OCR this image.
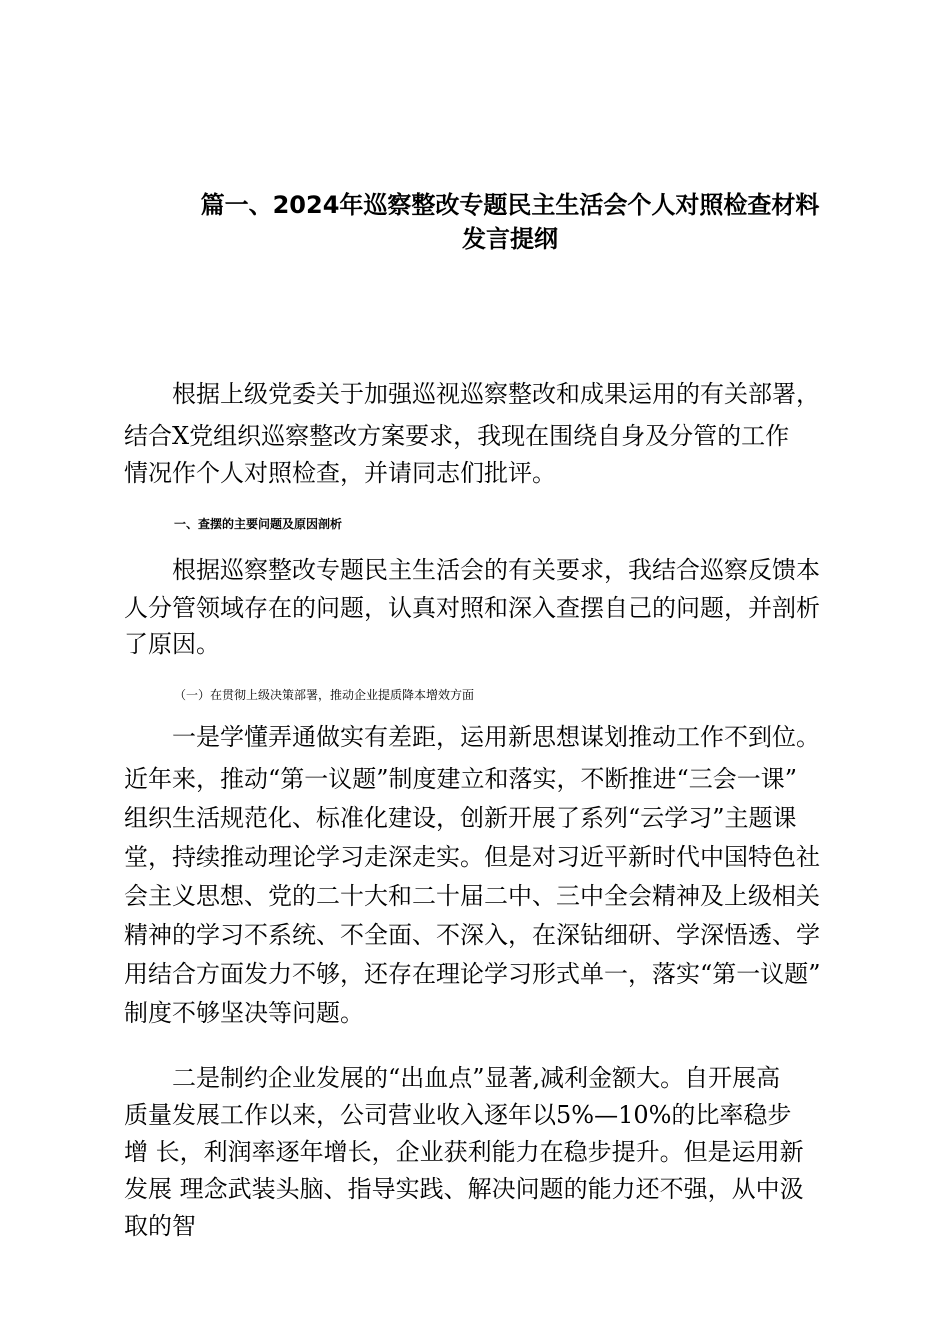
篇一、2024年巡察整改专题民主生活会个人对照检查材料
发言提纲

根据上级党委关于加强巡视巡察整改和成果运用的有关部署，

结合X党组织巡察整改方案要求，我现在围绕自身及分管的工作

情况作个人对照检查，并请同志们批评。

一、查摆的主要问题及原因剖析

根据巡察整改专题民主生活会的有关要求，我结合巡察反馈本

人分管领域存在的问题，认真对照和深入查摆自己的问题，并剖析

了原因。

（一）在贯彻上级决策部署，推动企业提质降本增效方面

一是学懂弄通做实有差距，运用新思想谋划推动工作不到位。

近年来，推动“第一议题”制度建立和落实，不断推进“三会一课”

组织生活规范化、标准化建设，创新开展了系列“云学习”主题课

堂，持续推动理论学习走深走实。但是对习近平新时代中国特色社

会主义思想、党的二十大和二十届二中、三中全会精神及上级相关

精神的学习不系统、不全面、不深入，在深钻细研、学深悟透、学

用结合方面发力不够，还存在理论学习形式单一，落实“第一议题”

制度不够坚决等问题。

二是制约企业发展的“出血点”显著,减利金额大。自开展高

质量发展工作以来，公司营业收入逐年以5%—10%的比率稳步

增 长，利润率逐年增长，企业获利能力在稳步提升。但是运用新

发展 理念武装头脑、指导实践、解决问题的能力还不强，从中汲

取的智
